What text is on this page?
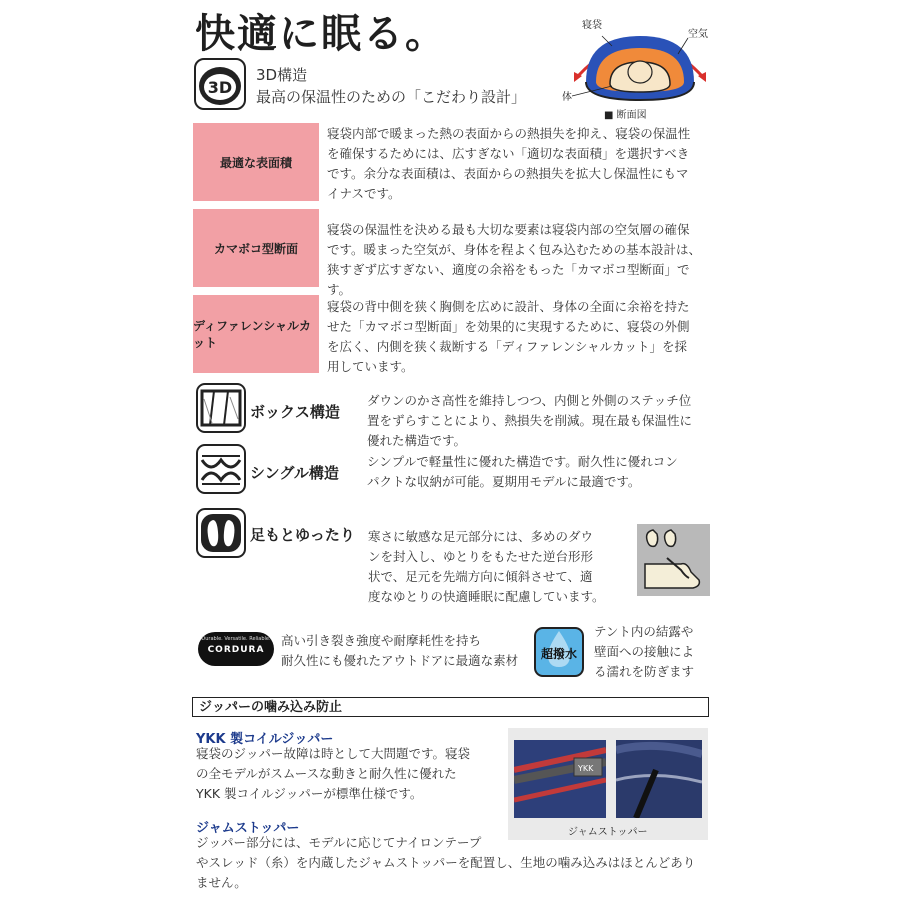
快適に眠る。
3D
3D構造
最高の保温性のための「こだわり設計」
寝袋
空気
体
■ 断面図
最適な表面積
寝袋内部で暖まった熱の表面からの熱損失を抑え、寝袋の保温性
を確保するためには、広すぎない「適切な表面積」を選択すべき
です。余分な表面積は、表面からの熱損失を拡大し保温性にもマ
イナスです。
カマボコ型断面
寝袋の保温性を決める最も大切な要素は寝袋内部の空気層の確保
です。暖まった空気が、身体を程よく包み込むための基本設計は、
狭すぎず広すぎない、適度の余裕をもった「カマボコ型断面」です。
ディファレンシャルカット
寝袋の背中側を狭く胸側を広めに設計、身体の全面に余裕を持た
せた「カマボコ型断面」を効果的に実現するために、寝袋の外側
を広く、内側を狭く裁断する「ディファレンシャルカット」を採
用しています。
ボックス構造
ダウンのかさ高性を維持しつつ、内側と外側のステッチ位
置をずらすことにより、熱損失を削減。現在最も保温性に
優れた構造です。
シングル構造
シンプルで軽量性に優れた構造です。耐久性に優れコン
パクトな収納が可能。夏期用モデルに最適です。
足もとゆったり 寒さに敏感な足元部分には、多めのダウ
ンを封入し、ゆとりをもたせた逆台形形
状で、足元を先端方向に傾斜させて、適
度なゆとりの快適睡眠に配慮しています。
Durable. Versatile. Reliable.
CORDURA
高い引き裂き強度や耐摩耗性を持ち
耐久性にも優れたアウトドアに最適な素材	超撥水
テント内の結露や
壁面への接触によ
る濡れを防ぎます
ジッパーの噛み込み防止
YKK 製コイルジッパー
寝袋のジッパー故障は時として大問題です。寝袋
の全モデルがスムースな動きと耐久性に優れた
YKK 製コイルジッパーが標準仕様です。
ジャムストッパー
ジッパー部分には、モデルに応じてナイロンテープ
やスレッド（糸）を内蔵したジャムストッパーを配置し、生地の噛み込みはほとんどあり
ません。
YKK
ジャムストッパー
